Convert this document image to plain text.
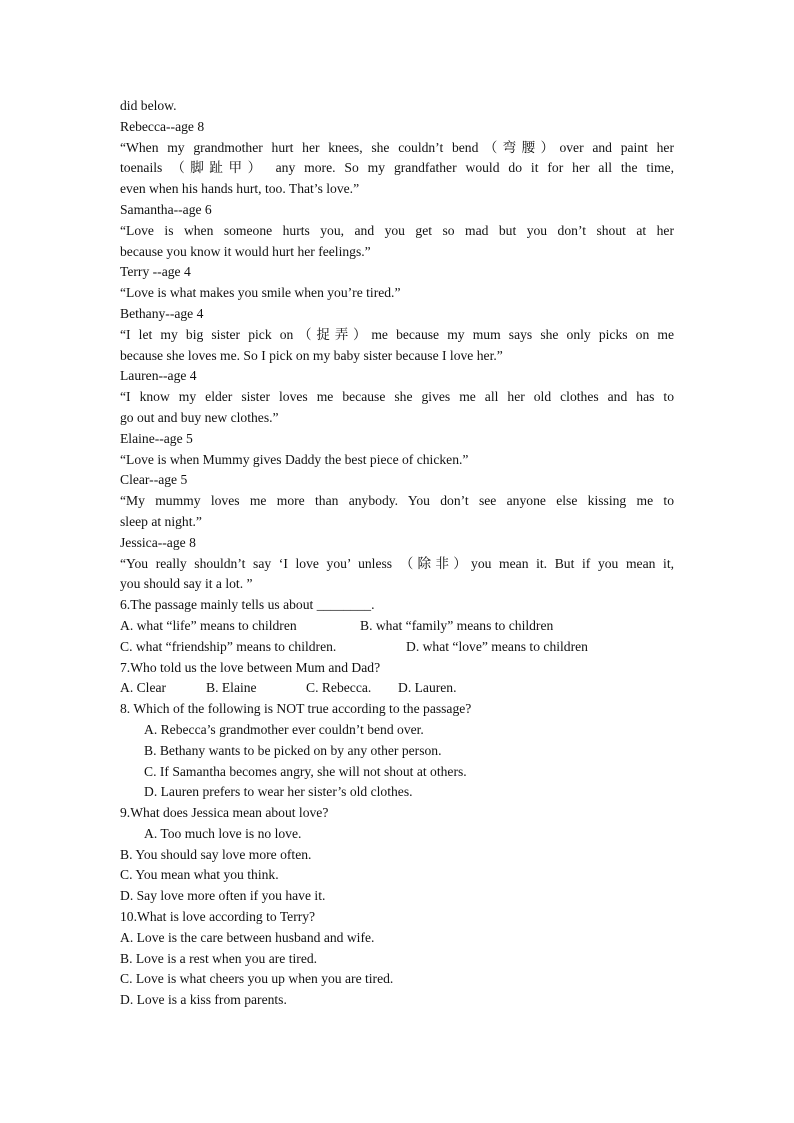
did below.
Rebecca--age 8
“When my grandmother hurt her knees, she couldn’t bend（弯腰）over and paint her
toenails （脚趾甲） any more. So my grandfather would do it for her all the time,
even when his hands hurt, too. That’s love.”
Samantha--age 6
“Love is when someone hurts you, and you get so mad but you don’t shout at her
because you know it would hurt her feelings.”
Terry --age 4
“Love is what makes you smile when you’re tired.”
Bethany--age 4
“I let my big sister pick on（捉弄）me because my mum says she only picks on me
because she loves me. So I pick on my baby sister because I love her.”
Lauren--age 4
“I know my elder sister loves me because she gives me all her old clothes and has to
go out and buy new clothes.”
Elaine--age 5
“Love is when Mummy gives Daddy the best piece of chicken.”
Clear--age 5
“My mummy loves me more than anybody. You don’t see anyone else kissing me to
sleep at night.”
Jessica--age 8
“You really shouldn’t say ‘I love you’ unless （除非）you mean it. But if you mean it,
you should say it a lot. ”
6.The passage mainly tells us about ________.
A. what “life” means to children	B. what “family” means to children
C. what “friendship” means to children.	D. what “love” means to children
7.Who told us the love between Mum and Dad?
A. Clear	B. Elaine	C. Rebecca.	D. Lauren.
8. Which of the following is NOT true according to the passage?
A. Rebecca’s grandmother ever couldn’t bend over.
B. Bethany wants to be picked on by any other person.
C. If Samantha becomes angry, she will not shout at others.
D. Lauren prefers to wear her sister’s old clothes.
9.What does Jessica mean about love?
A. Too much love is no love.
B. You should say love more often.
C. You mean what you think.
D. Say love more often if you have it.
10.What is love according to Terry?
A. Love is the care between husband and wife.
B. Love is a rest when you are tired.
C. Love is what cheers you up when you are tired.
D. Love is a kiss from parents.
